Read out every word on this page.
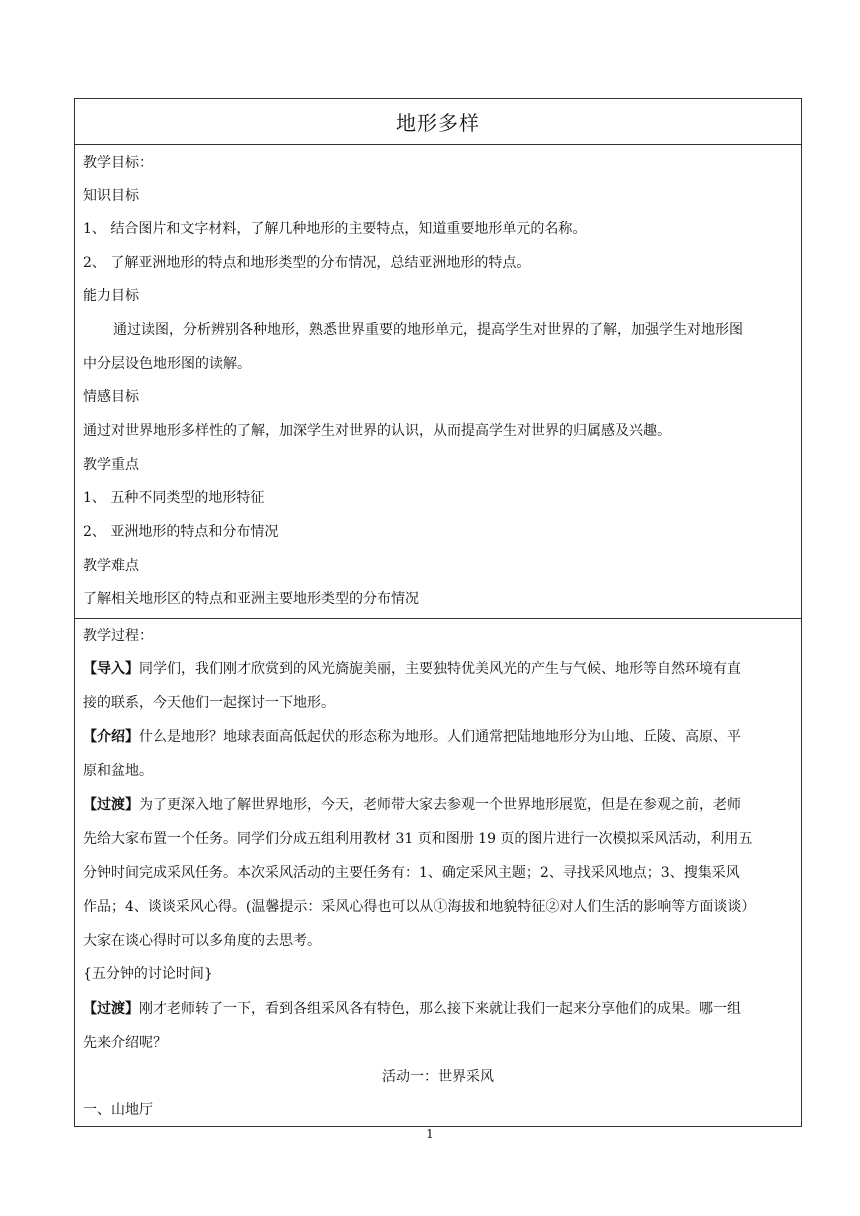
地形多样
教学目标：
知识目标
1、 结合图片和文字材料，了解几种地形的主要特点，知道重要地形单元的名称。
2、 了解亚洲地形的特点和地形类型的分布情况，总结亚洲地形的特点。
能力目标
通过读图，分析辨别各种地形，熟悉世界重要的地形单元，提高学生对世界的了解，加强学生对地形图
中分层设色地形图的读解。
情感目标
通过对世界地形多样性的了解，加深学生对世界的认识，从而提高学生对世界的归属感及兴趣。
教学重点
1、 五种不同类型的地形特征
2、 亚洲地形的特点和分布情况
教学难点
了解相关地形区的特点和亚洲主要地形类型的分布情况
教学过程：
【导入】同学们，我们刚才欣赏到的风光旖旎美丽，主要独特优美风光的产生与气候、地形等自然环境有直
接的联系，今天他们一起探讨一下地形。
【介绍】什么是地形？地球表面高低起伏的形态称为地形。人们通常把陆地地形分为山地、丘陵、高原、平
原和盆地。
【过渡】为了更深入地了解世界地形，今天，老师带大家去参观一个世界地形展览，但是在参观之前，老师
先给大家布置一个任务。同学们分成五组利用教材 31 页和图册 19 页的图片进行一次模拟采风活动，利用五
分钟时间完成采风任务。本次采风活动的主要任务有：1、确定采风主题；2、寻找采风地点；3、搜集采风
作品；4、谈谈采风心得。(温馨提示：采风心得也可以从①海拔和地貌特征②对人们生活的影响等方面谈谈）
大家在谈心得时可以多角度的去思考。
{五分钟的讨论时间}
【过渡】刚才老师转了一下，看到各组采风各有特色，那么接下来就让我们一起来分享他们的成果。哪一组
先来介绍呢？
活动一：世界采风
一、山地厅
1
